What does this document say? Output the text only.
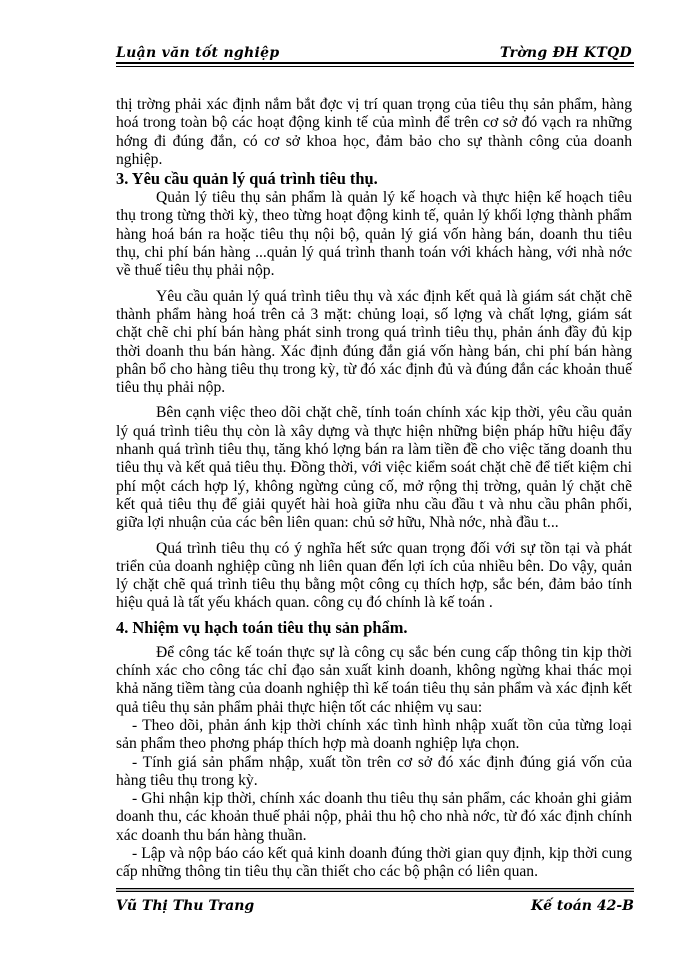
Luận văn tốt nghiệp	Trờng ĐH KTQD

thị trờng phải xác định nắm bắt đợc vị trí quan trọng của tiêu thụ sản phẩm, hàng hoá trong toàn bộ các hoạt động kinh tế của mình để trên cơ sở đó vạch ra những hớng đi đúng đắn, có cơ sở khoa học, đảm bảo cho sự thành công của doanh nghiệp.

3. Yêu cầu quản lý quá trình tiêu thụ.

Quản lý tiêu thụ sản phẩm là quản lý kế hoạch và thực hiện kế hoạch tiêu thụ trong từng thời kỳ, theo từng hoạt động kinh tế, quản lý khối lợng thành phẩm hàng hoá bán ra hoặc tiêu thụ nội bộ, quản lý giá vốn hàng bán, doanh thu tiêu thụ, chi phí bán hàng ...quản lý quá trình thanh toán với khách hàng, với nhà nớc về thuế tiêu thụ phải nộp.

Yêu cầu quản lý quá trình tiêu thụ và xác định kết quả là giám sát chặt chẽ thành phẩm hàng hoá trên cả 3 mặt: chủng loại, số lợng và chất lợng, giám sát chặt chẽ chi phí bán hàng phát sinh trong quá trình tiêu thụ, phản ánh đầy đủ kịp thời doanh thu bán hàng. Xác định đúng đắn giá vốn hàng bán, chi phí bán hàng phân bổ cho hàng tiêu thụ trong kỳ, từ đó xác định đủ và đúng đắn các khoản thuế tiêu thụ phải nộp.

Bên cạnh việc theo dõi chặt chẽ, tính toán chính xác kịp thời, yêu cầu quản lý quá trình tiêu thụ còn là xây dựng và thực hiện những biện pháp hữu hiệu đẩy nhanh quá trình tiêu thụ, tăng khó lợng bán ra làm tiền đề cho việc tăng doanh thu tiêu thụ và kết quả tiêu thụ. Đồng thời, với việc kiểm soát chặt chẽ để tiết kiệm chi phí một cách hợp lý, không ngừng củng cố, mở rộng thị trờng, quản lý chặt chẽ kết quả tiêu thụ để giải quyết hài hoà giữa nhu cầu đầu t và nhu cầu phân phối, giữa lợi nhuận của các bên liên quan: chủ sở hữu, Nhà nớc, nhà đầu t...

Quá trình tiêu thụ có ý nghĩa hết sức quan trọng đối với sự tồn tại và phát triển của doanh nghiệp cũng nh liên quan đến lợi ích của nhiều bên. Do vậy, quản lý chặt chẽ quá trình tiêu thụ bằng một công cụ thích hợp, sắc bén, đảm bảo tính hiệu quả là tất yếu khách quan. công cụ đó chính là kế toán .

4. Nhiệm vụ hạch toán tiêu thụ sản phẩm.

Để công tác kế toán thực sự là công cụ sắc bén cung cấp thông tin kịp thời chính xác cho công tác chỉ đạo sản xuất kinh doanh, không ngừng khai thác mọi khả năng tiềm tàng của doanh nghiệp thì kế toán tiêu thụ sản phẩm và xác định kết quả tiêu thụ sản phẩm phải thực hiện tốt các nhiệm vụ sau:

- Theo dõi, phản ánh kịp thời chính xác tình hình nhập xuất tồn của từng loại sản phẩm theo phơng pháp thích hợp mà doanh nghiệp lựa chọn.

- Tính giá sản phẩm nhập, xuất tồn trên cơ sở đó xác định đúng giá vốn của hàng tiêu thụ trong kỳ.

- Ghi nhận kịp thời, chính xác doanh thu tiêu thụ sản phẩm, các khoản ghi giảm doanh thu, các khoản thuế phải nộp, phải thu hộ cho nhà nớc, từ đó xác định chính xác doanh thu bán hàng thuần.

- Lập và nộp báo cáo kết quả kinh doanh đúng thời gian quy định, kịp thời cung cấp những thông tin tiêu thụ cần thiết cho các bộ phận có liên quan.

Vũ Thị Thu Trang	Kế toán 42-B
